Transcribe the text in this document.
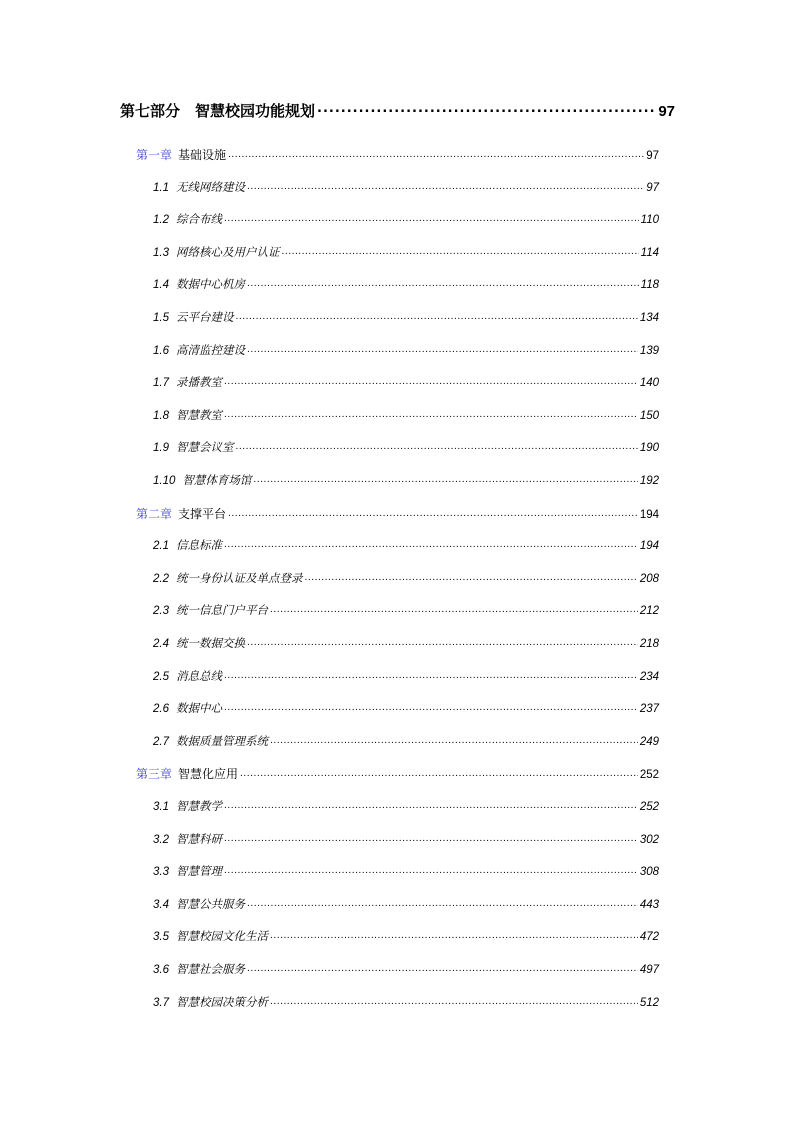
第七部分　智慧校园功能规划 .....	97
第一章 基础设施 .....	97
1.1 无线网络建设 .....	97
1.2 综合布线 .....	110
1.3 网络核心及用户认证 .....	114
1.4 数据中心机房 .....	118
1.5 云平台建设 .....	134
1.6 高清监控建设 .....	139
1.7 录播教室 .....	140
1.8 智慧教室 .....	150
1.9 智慧会议室 .....	190
1.10 智慧体育场馆 .....	192
第二章 支撑平台 .....	194
2.1 信息标准 .....	194
2.2 统一身份认证及单点登录 .....	208
2.3 统一信息门户平台 .....	212
2.4 统一数据交换 .....	218
2.5 消息总线 .....	234
2.6 数据中心 .....	237
2.7 数据质量管理系统 .....	249
第三章 智慧化应用 .....	252
3.1 智慧教学 .....	252
3.2 智慧科研 .....	302
3.3 智慧管理 .....	308
3.4 智慧公共服务 .....	443
3.5 智慧校园文化生活 .....	472
3.6 智慧社会服务 .....	497
3.7 智慧校园决策分析 .....	512
